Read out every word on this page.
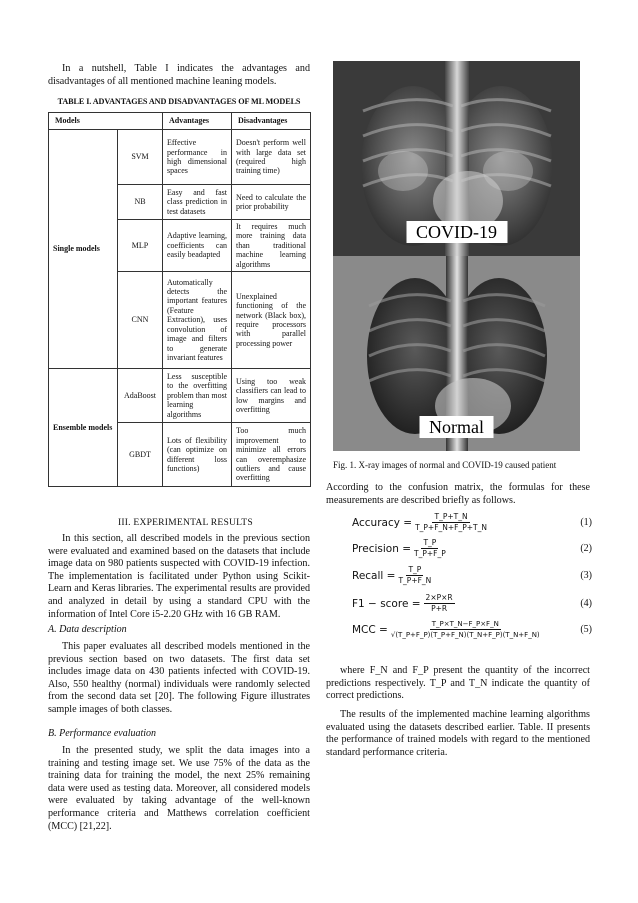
In a nutshell, Table I indicates the advantages and disadvantages of all mentioned machine leaning models.

TABLE I. ADVANTAGES AND DISADVANTAGES OF ML MODELS
Models		Advantages	Disadvantages
Single models	SVM	Effective performance in high dimensional spaces	Doesn't perform well with large data set (required high training time)
	NB	Easy and fast class prediction in test datasets	Need to calculate the prior probability
	MLP	Adaptive learning, coefficients can easily beadapted	It requires much more training data than traditional machine learning algorithms
	CNN	Automatically detects the important features (Feature Extraction), uses convolution of image and filters to generate invariant features	Unexplained functioning of the network (Black box), require processors with parallel processing power
Ensemble models	AdaBoost	Less susceptible to the overfitting problem than most learning algorithms	Using too weak classifiers can lead to low margins and overfitting
	GBDT	Lots of flexibility (can optimize on different loss functions)	Too much improvement to minimize all errors can overemphasize outliers and cause overfitting
III. EXPERIMENTAL RESULTS

In this section, all described models in the previous section were evaluated and examined based on the datasets that include image data on 980 patients suspected with COVID-19 infection. The implementation is facilitated under Python using Scikit-Learn and Keras libraries. The experimental results are provided and analyzed in detail by using a standard CPU with the information of Intel Core i5-2.20 GHz with 16 GB RAM.

A. Data description

This paper evaluates all described models mentioned in the previous section based on two datasets. The first data set includes image data on 430 patients infected with COVID-19. Also, 550 healthy (normal) individuals were randomly selected from the second data set [20]. The following Figure illustrates sample images of both classes.

B. Performance evaluation

In the presented study, we split the data images into a training and testing image set. We use 75% of the data as the training data for training the model, the next 25% remaining data were used as testing data. Moreover, all considered models were evaluated by taking advantage of the well-known performance criteria and Matthews correlation coefficient (MCC) [21,22].

COVID-19
Normal
Fig. 1. X-ray images of normal and COVID-19 caused patient

According to the confusion matrix, the formulas for these measurements are described briefly as follows.

Accuracy = $\frac{T\_P+T\_N}{T\_P+F\_N+F\_P+T\_N}$	(1)
Precision = $\frac{T\_P}{T\_P+F\_P}$	(2)
Recall = $\frac{T\_P}{T\_P+F\_N}$	(3)
F1 − score = $\frac{2\times P\times R}{P+R}$	(4)
MCC = $\frac{T\_P\times T\_N-F\_P\times F\_N}{√(T\_P+F\_P)(T\_P+F\_N)(T\_N+F\_P)(T\_N+F\_N)}$	(5)

where F_N and F_P present the quantity of the incorrect predictions respectively. T_P and T_N indicate the quantity of correct predictions.

The results of the implemented machine learning algorithms evaluated using the datasets described earlier. Table. II presents the performance of trained models with regard to the mentioned standard performance criteria.
